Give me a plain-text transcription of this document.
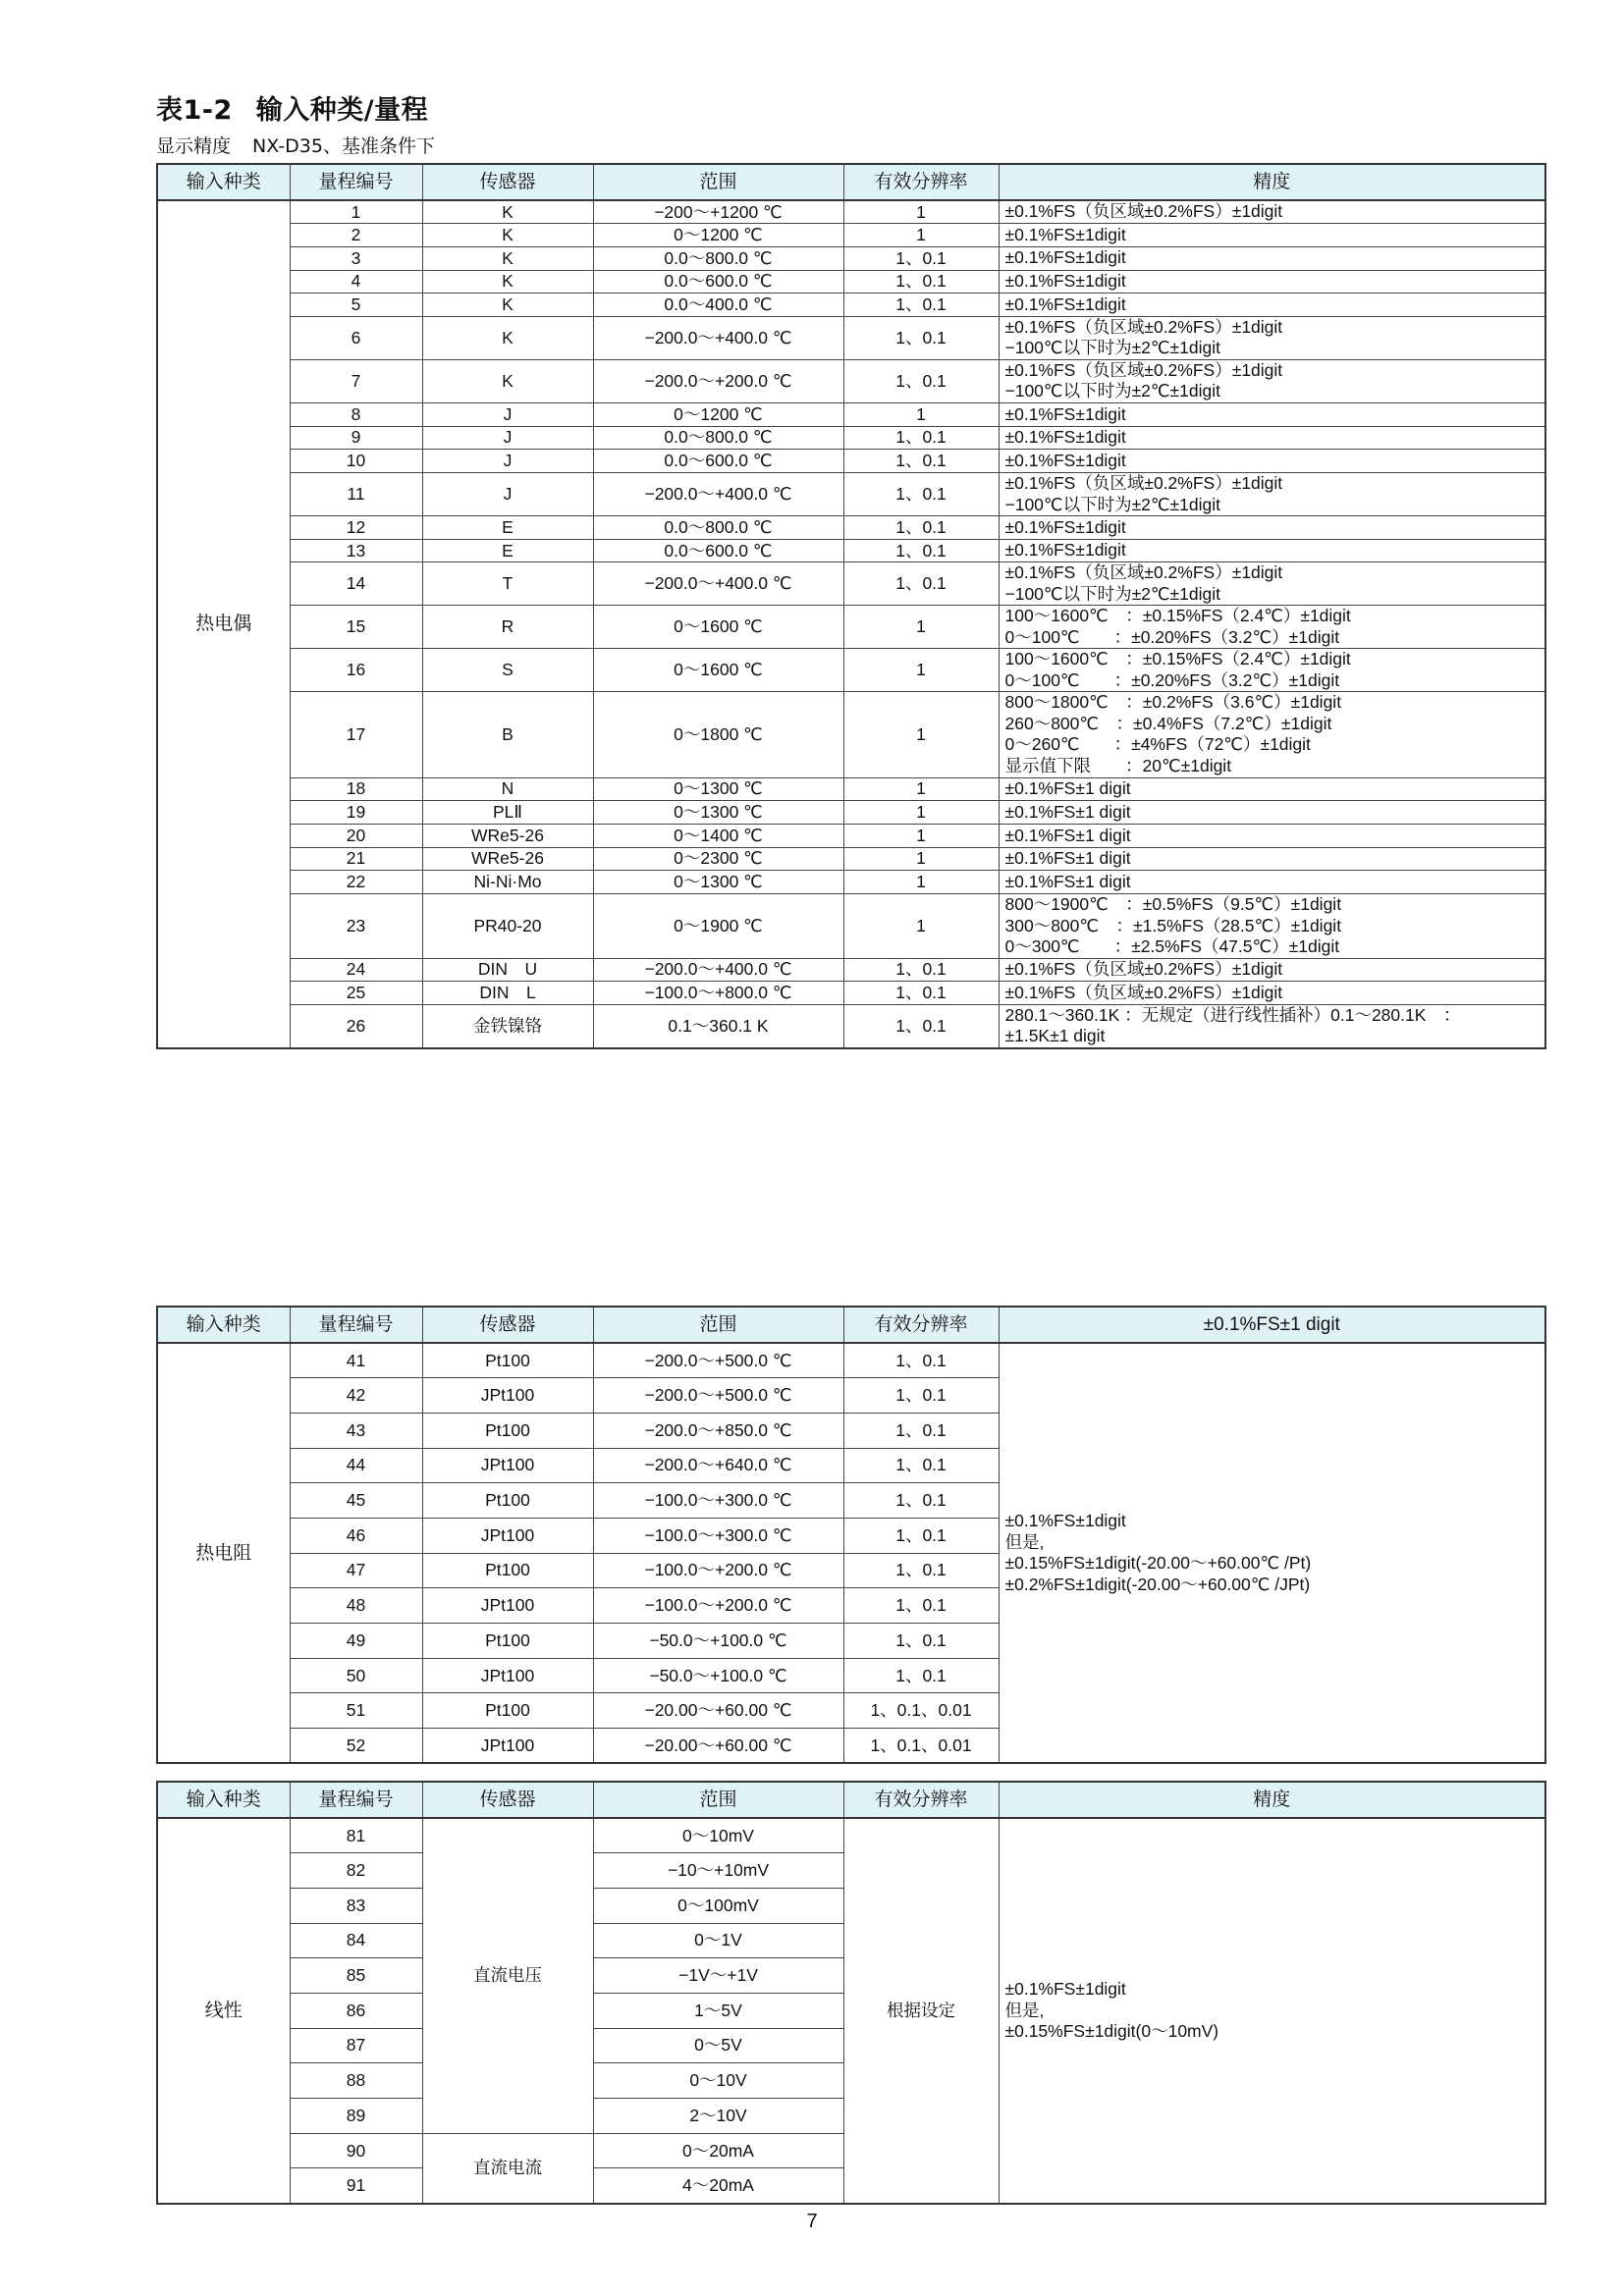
表1-2 输入种类/量程
显示精度 NX-D35、基准条件下
输入种类	量程编号	传感器	范围	有效分辨率	精度
热电偶	1	K	−200～+1200 ℃	1	±0.1%FS（负区域±0.2%FS）±1digit

	2	K	0～1200 ℃	1	±0.1%FS±1digit

	3	K	0.0～800.0 ℃	1、0.1	±0.1%FS±1digit

	4	K	0.0～600.0 ℃	1、0.1	±0.1%FS±1digit

	5	K	0.0～400.0 ℃	1、0.1	±0.1%FS±1digit

	6	K	−200.0～+400.0 ℃	1、0.1	±0.1%FS（负区域±0.2%FS）±1digit
−100℃以下时为±2℃±1digit

	7	K	−200.0～+200.0 ℃	1、0.1	±0.1%FS（负区域±0.2%FS）±1digit
−100℃以下时为±2℃±1digit

	8	J	0～1200 ℃	1	±0.1%FS±1digit

	9	J	0.0～800.0 ℃	1、0.1	±0.1%FS±1digit

	10	J	0.0～600.0 ℃	1、0.1	±0.1%FS±1digit

	11	J	−200.0～+400.0 ℃	1、0.1	±0.1%FS（负区域±0.2%FS）±1digit
−100℃以下时为±2℃±1digit

	12	E	0.0～800.0 ℃	1、0.1	±0.1%FS±1digit

	13	E	0.0～600.0 ℃	1、0.1	±0.1%FS±1digit

	14	T	−200.0～+400.0 ℃	1、0.1	±0.1%FS（负区域±0.2%FS）±1digit
−100℃以下时为±2℃±1digit

	15	R	0～1600 ℃	1	100～1600℃　：±0.15%FS（2.4℃）±1digit
0～100℃　　：±0.20%FS（3.2℃）±1digit

	16	S	0～1600 ℃	1	100～1600℃　：±0.15%FS（2.4℃）±1digit
0～100℃　　：±0.20%FS（3.2℃）±1digit

	17	B	0～1800 ℃	1	800～1800℃　：±0.2%FS（3.6℃）±1digit
260～800℃　：±0.4%FS（7.2℃）±1digit
0～260℃　　：±4%FS（72℃）±1digit
显示值下限　　：20℃±1digit

	18	N	0～1300 ℃	1	±0.1%FS±1 digit

	19	PLⅡ	0～1300 ℃	1	±0.1%FS±1 digit

	20	WRe5-26	0～1400 ℃	1	±0.1%FS±1 digit

	21	WRe5-26	0～2300 ℃	1	±0.1%FS±1 digit

	22	Ni-Ni·Mo	0～1300 ℃	1	±0.1%FS±1 digit

	23	PR40-20	0～1900 ℃	1	800～1900℃　：±0.5%FS（9.5℃）±1digit
300～800℃　：±1.5%FS（28.5℃）±1digit
0～300℃　　：±2.5%FS（47.5℃）±1digit

	24	DIN　U	−200.0～+400.0 ℃	1、0.1	±0.1%FS（负区域±0.2%FS）±1digit

	25	DIN　L	−100.0～+800.0 ℃	1、0.1	±0.1%FS（负区域±0.2%FS）±1digit

	26	金铁镍铬	0.1～360.1 K	1、0.1	280.1～360.1K ：无规定（进行线性插补）0.1～280.1K　：
±1.5K±1 digit
输入种类	量程编号	传感器	范围	有效分辨率	±0.1%FS±1 digit
热电阻	41	Pt100	−200.0～+500.0 ℃	1、0.1	±0.1%FS±1digit
但是,
±0.15%FS±1digit(-20.00～+60.00℃ /Pt)
±0.2%FS±1digit(-20.00～+60.00℃ /JPt)

	42	JPt100	−200.0～+500.0 ℃	1、0.1	
	43	Pt100	−200.0～+850.0 ℃	1、0.1	
	44	JPt100	−200.0～+640.0 ℃	1、0.1	
	45	Pt100	−100.0～+300.0 ℃	1、0.1	
	46	JPt100	−100.0～+300.0 ℃	1、0.1	
	47	Pt100	−100.0～+200.0 ℃	1、0.1	
	48	JPt100	−100.0～+200.0 ℃	1、0.1	
	49	Pt100	−50.0～+100.0 ℃	1、0.1	
	50	JPt100	−50.0～+100.0 ℃	1、0.1	
	51	Pt100	−20.00～+60.00 ℃	1、0.1、0.01	
	52	JPt100	−20.00～+60.00 ℃	1、0.1、0.01	
输入种类	量程编号	传感器	范围	有效分辨率	精度
线性	81	直流电压	0～10mV	根据设定	±0.1%FS±1digit
但是,
±0.15%FS±1digit(0～10mV)

	82		−10～+10mV		
	83		0～100mV		
	84		0～1V		
	85		−1V～+1V		
	86		1～5V		
	87		0～5V		
	88		0～10V		
	89		2～10V		
	90	直流电流	0～20mA		
	91		4～20mA		
7
